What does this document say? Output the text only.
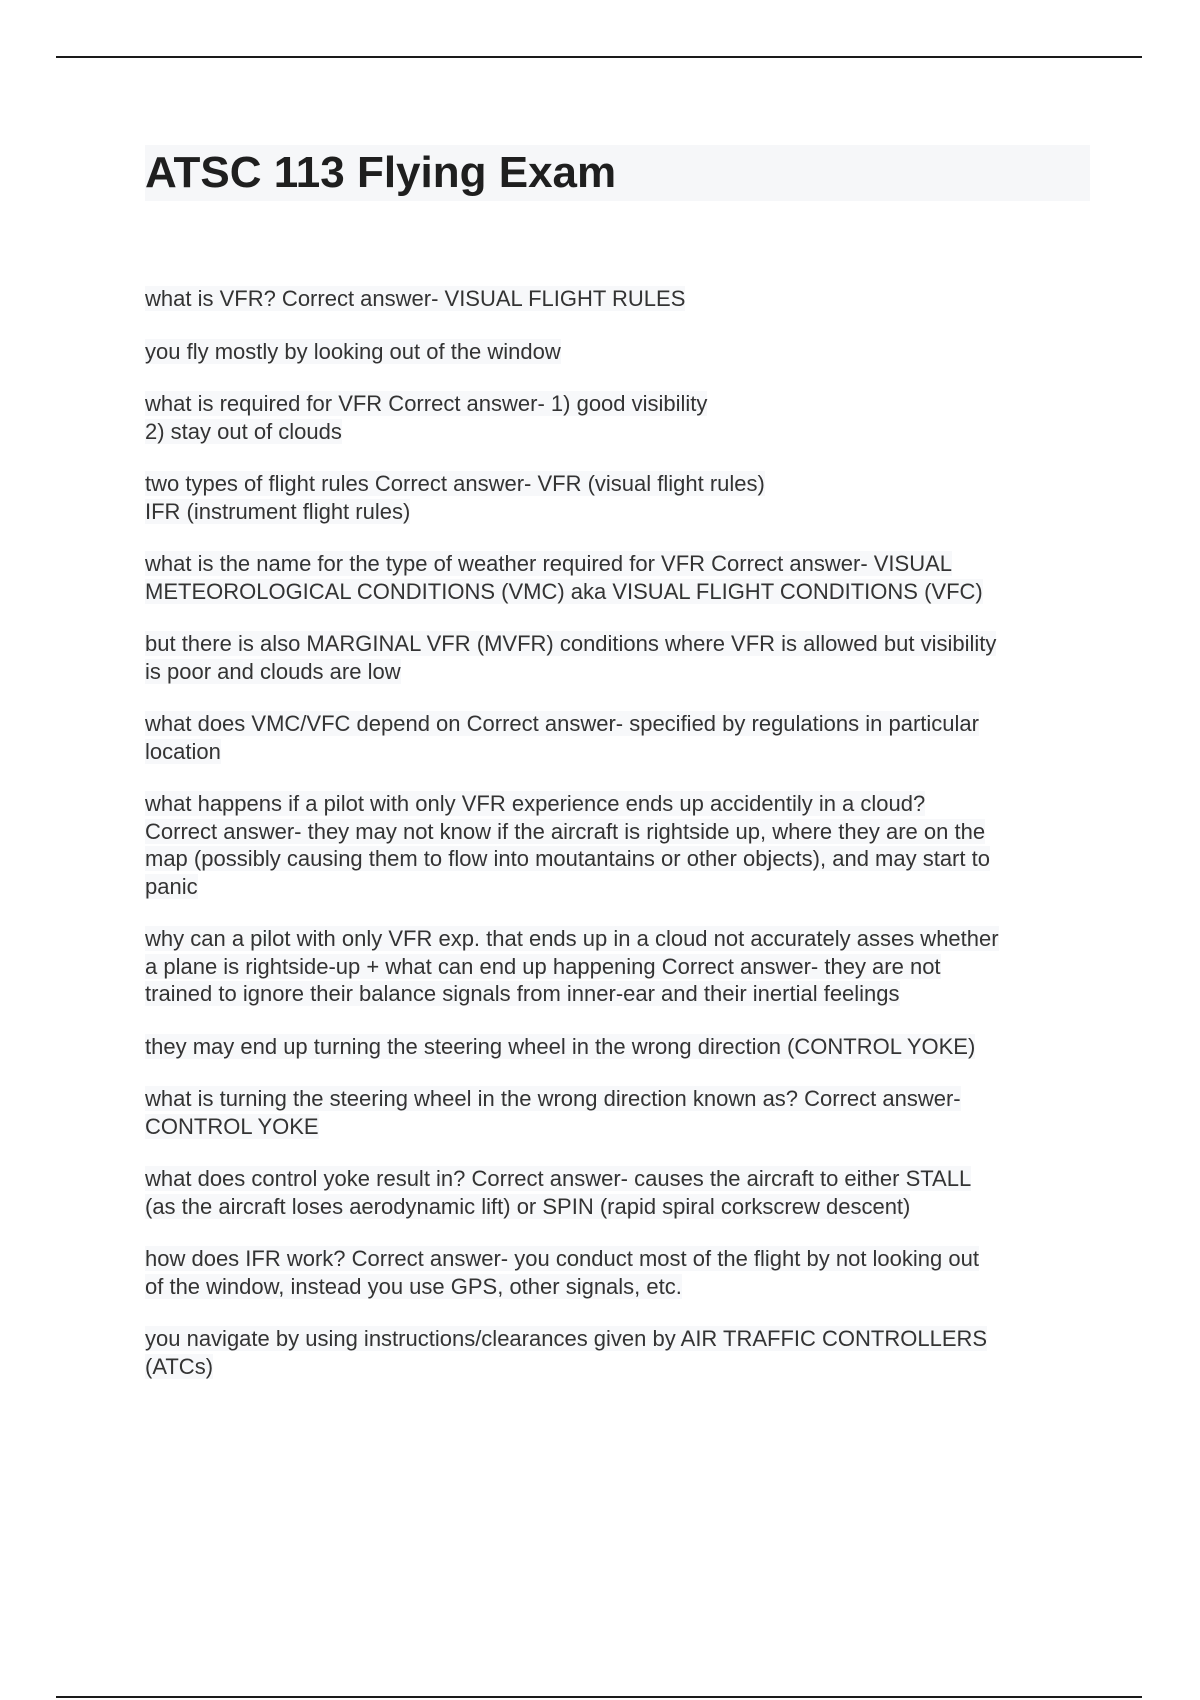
ATSC 113 Flying Exam

what is VFR? Correct answer- VISUAL FLIGHT RULES

you fly mostly by looking out of the window

what is required for VFR Correct answer- 1) good visibility
2) stay out of clouds

two types of flight rules Correct answer- VFR (visual flight rules)
IFR (instrument flight rules)

what is the name for the type of weather required for VFR Correct answer- VISUAL
METEOROLOGICAL CONDITIONS (VMC) aka VISUAL FLIGHT CONDITIONS (VFC)

but there is also MARGINAL VFR (MVFR) conditions where VFR is allowed but visibility
is poor and clouds are low

what does VMC/VFC depend on Correct answer- specified by regulations in particular
location

what happens if a pilot with only VFR experience ends up accidentily in a cloud?
Correct answer- they may not know if the aircraft is rightside up, where they are on the
map (possibly causing them to flow into moutantains or other objects), and may start to
panic

why can a pilot with only VFR exp. that ends up in a cloud not accurately asses whether
a plane is rightside-up + what can end up happening Correct answer- they are not
trained to ignore their balance signals from inner-ear and their inertial feelings

they may end up turning the steering wheel in the wrong direction (CONTROL YOKE)

what is turning the steering wheel in the wrong direction known as? Correct answer-
CONTROL YOKE

what does control yoke result in? Correct answer- causes the aircraft to either STALL
(as the aircraft loses aerodynamic lift) or SPIN (rapid spiral corkscrew descent)

how does IFR work? Correct answer- you conduct most of the flight by not looking out
of the window, instead you use GPS, other signals, etc.

you navigate by using instructions/clearances given by AIR TRAFFIC CONTROLLERS
(ATCs)
